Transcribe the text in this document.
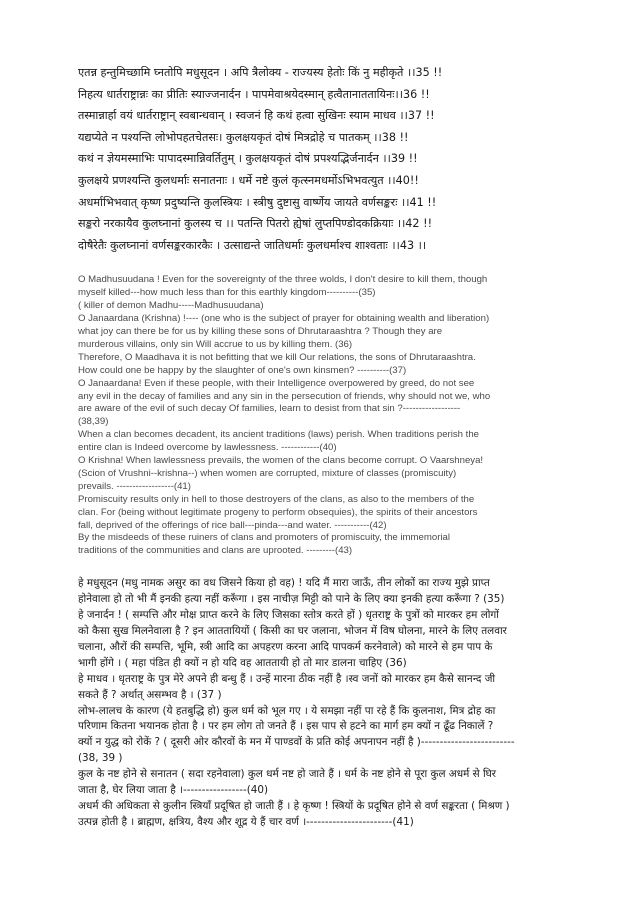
एतन्न हन्तुमिच्छामि घ्नतोपि मधुसूदन । अपि त्रैलोक्य - राज्यस्य हेतोः किं नु महीकृते ।।35 !!
निहत्य धार्तराष्ट्रान्नः का प्रीतिः स्याज्जनार्दन । पापमेवाश्रयेदस्मान् हत्वैतानाततायिनः।।36 !!
तस्मान्नार्हा वयं धार्तराष्ट्रान् स्वबान्धवान् । स्वजनं हि कथं हत्वा सुखिनः स्याम माधव ।।37 !!
यद्यप्येते न पश्यन्ति लोभोपहतचेतसः। कुलक्षयकृतं दोषं मित्रद्रोहे च पातकम् ।।38 !!
कथं न ज्ञेयमस्माभिः पापादस्मान्निवर्तितुम् । कुलक्षयकृतं दोषं प्रपश्यद्भिर्जनार्दन ।।39 !!
कुलक्षये प्रणश्यन्ति कुलधर्माः सनातनाः । धर्मे नष्टे कुलं कृत्स्नमधर्मोऽभिभवत्युत ।।40!!
अधर्माभिभवात् कृष्ण प्रदुष्यन्ति कुलस्त्रियः । स्त्रीषु दुष्टासु वार्ष्णेय जायते वर्णसङ्करः ।।41 !!
सङ्करो नरकायैव कुलघ्नानां कुलस्य च ।। पतन्ति पितरो ह्येषां लुप्तपिण्डोदकक्रियाः ।।42 !!
दोषैरेतैः कुलघ्नानां वर्णसङ्करकारकैः । उत्साद्यन्ते जातिधर्माः कुलधर्माश्च शाश्वताः ।।43 ।।
O Madhusuudana ! Even for the sovereignty of the three wolds, I don't desire to kill them, though
myself killed---how much less than for this earthly kingdom----------(35)
( killer of demon Madhu-----Madhusuudana)
O Janaardana (Krishna) !---- (one who is the subject of prayer for obtaining wealth and liberation)
what joy can there be for us by killing these sons of Dhrutaraashtra ? Though they are
murderous villains, only sin Will accrue to us by killing them. (36)
Therefore, O Maadhava it is not befitting that we kill Our relations, the sons of Dhrutaraashtra.
How could one be happy by the slaughter of one's own kinsmen? ----------(37)
O Janaardana! Even if these people, with their Intelligence overpowered by greed, do not see
any evil in the decay of families and any sin in the persecution of friends, why should not we, who
are aware of the evil of such decay Of families, learn to desist from that sin ?------------------
(38,39)
When a clan becomes decadent, its ancient traditions (laws) perish. When traditions perish the
entire clan is Indeed overcome by lawlessness. ------------(40)
O Krishna! When lawlessness prevails, the women of the clans become corrupt. O Vaarshneya!
(Scion of Vrushni--krishna--) when women are corrupted, mixture of classes (promiscuity)
prevails. ------------------(41)
Promiscuity results only in hell to those destroyers of the clans, as also to the members of the
clan. For (being without legitimate progeny to perform obsequies), the spirits of their ancestors
fall, deprived of the offerings of rice ball---pinda---and water. -----------(42)
By the misdeeds of these ruiners of clans and promoters of promiscuity, the immemorial
traditions of the communities and clans are uprooted. ---------(43)
हे मधुसूदन (मधु नामक असुर का वध जिसने किया हो वह) ! यदि मैं मारा जाऊँ, तीन लोकों का राज्य मुझे प्राप्त
होनेवाला हो तो भी मैं इनकी हत्या नहीं करूँगा । इस नाचीज़ मिट्टी को पाने के लिए क्या इनकी हत्या करूँगा ? (35)
हे जनार्दन ! ( सम्पत्ति और मोक्ष प्राप्त करने के लिए जिसका स्तोत्र करते हों ) धृतराष्ट्र के पुत्रों को मारकर हम लोगों
को कैसा सुख मिलनेवाला है ? इन आततायियों ( किसी का घर जलाना, भोजन में विष घोलना, मारने के लिए तलवार
चलाना, औरों की सम्पत्ति, भूमि, स्त्री आदि का अपहरण करना आदि पापकर्म करनेवाले) को मारने से हम पाप के
भागी होंगे । ( महा पंडित ही क्यों न हो यदि वह आततायी हो तो मार डालना चाहिए (36)
हे माधव । धृतराष्ट्र के पुत्र मेरे अपने ही बन्धु हैं । उन्हें मारना ठीक नहीं है ।स्व जनों को मारकर हम कैसे सानन्द जी
सकते हैं ? अर्थात् असम्भव है । (37 )
लोभ-लालच के कारण (ये हतबुद्धि हो) कुल धर्म को भूल गए । ये समझा नहीं पा रहे हैं कि कुलनाश, मित्र द्रोह का
परिणाम कितना भयानक होता है । पर हम लोग तो जनते हैं । इस पाप से हटने का मार्ग हम क्यों न ढूँढ निकालें ?
क्यों न युद्ध को रोकें ? ( दूसरी ओर कौरवों के मन में पाण्डवों के प्रति कोई अपनापन नहीं है )-------------------------
(38, 39 )
कुल के नष्ट होने से सनातन ( सदा रहनेवाला) कुल धर्म नष्ट हो जाते हैं । धर्म के नष्ट होने से पूरा कुल अधर्म से घिर
जाता है, घेर लिया जाता है ।-----------------(40)
अधर्म की अधिकता से कुलीन स्त्रियाँ प्रदूषित हो जाती हैं । हे कृष्ण ! स्त्रियों के प्रदूषित होने से वर्ण सङ्करता ( मिश्रण )
उत्पन्न होती है । ब्राह्मण, क्षत्रिय, वैश्य और शूद्र ये हैं चार वर्ण ।-----------------------(41)
